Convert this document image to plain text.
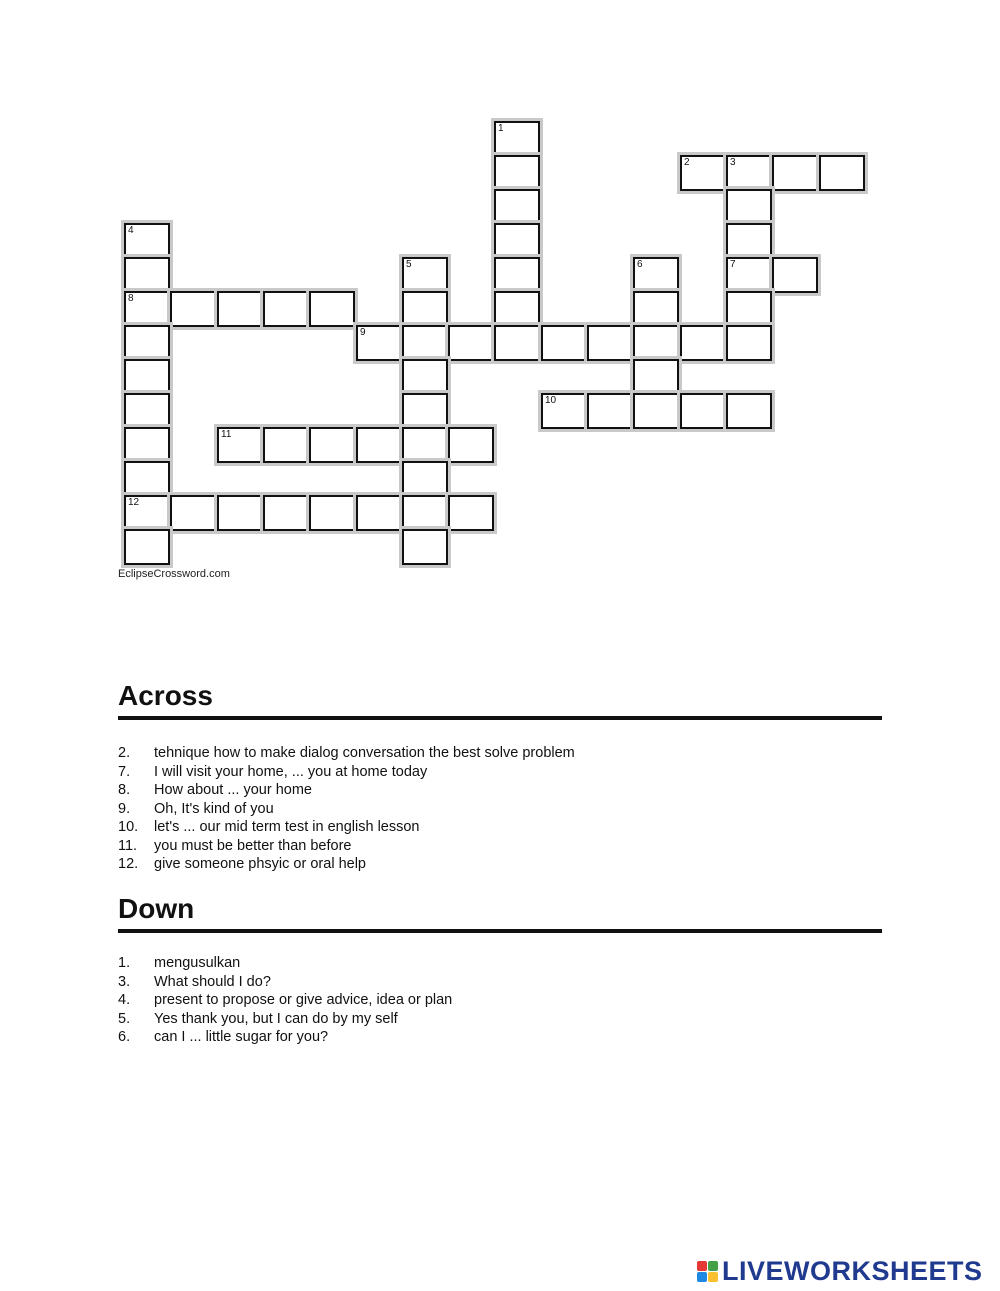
1
2	3
4
5	6	7
8
9
10
11
12
EclipseCrossword.com
Across
2. tehnique how to make dialog conversation the best solve problem
7. I will visit your home, ... you at home today
8. How about ... your home
9. Oh, It's kind of you
10. let's ... our mid term test in english lesson
11. you must be better than before
12. give someone phsyic or oral help
Down
1. mengusulkan
3. What should I do?
4. present to propose or give advice, idea or plan
5. Yes thank you, but I can do by my self
6. can I ... little sugar for you?
LIVEWORKSHEETS
